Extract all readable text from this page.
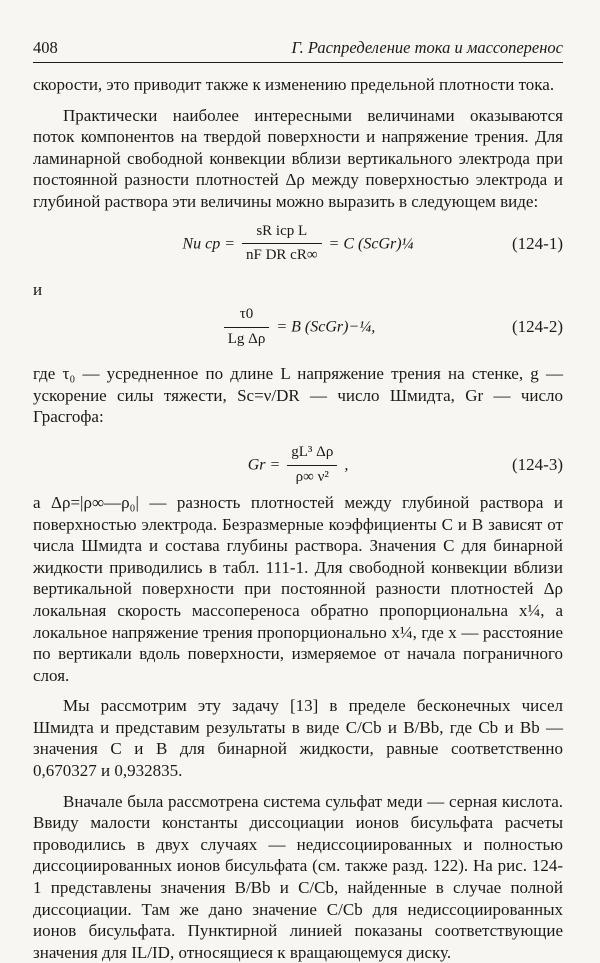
408	Г. Распределение тока и массоперенос

скорости, это приводит также к изменению предельной плотности тока.

Практически наиболее интересными величинами оказываются поток компонентов на твердой поверхности и напряжение трения. Для ламинарной свободной конвекции вблизи вертикального электрода при постоянной разности плотностей Δρ между поверхностью электрода и глубиной раствора эти величины можно выразить в следующем виде:

Nu cp = $\frac{\text{sR icp L}}{\text{nF DR cR∞}} = C$ (ScGr)¼	(124-1)

и

$\frac{\tau 0}{\text{Lg Δρ}} = B$ (ScGr)−¼,	(124-2)

где τ₀ — усредненное по длине L напряжение трения на стенке, g — ускорение силы тяжести, Sc=ν/DR — число Шмидта, Gr — число Грасгофа:

$Gr = \frac{\text{gL³ Δρ}}{\text{ρ∞ ν²}}$ ,	(124-3)

а Δρ=|ρ∞—ρ₀| — разность плотностей между глубиной раствора и поверхностью электрода. Безразмерные коэффициенты C и B зависят от числа Шмидта и состава глубины раствора. Значения C для бинарной жидкости приводились в табл. 111-1. Для свободной конвекции вблизи вертикальной поверхности при постоянной разности плотностей Δρ локальная скорость массопереноса обратно пропорциональна x¼, а локальное напряжение трения пропорционально x¼, где x — расстояние по вертикали вдоль поверхности, измеряемое от начала пограничного слоя.

Мы рассмотрим эту задачу [13] в пределе бесконечных чисел Шмидта и представим результаты в виде C/Cb и B/Bb, где Cb и Bb — значения C и B для бинарной жидкости, равные соответственно 0,670327 и 0,932835.

Вначале была рассмотрена система сульфат меди — серная кислота. Ввиду малости константы диссоциации ионов бисульфата расчеты проводились в двух случаях — недиссоциированных и полностью диссоциированных ионов бисульфата (см. также разд. 122). На рис. 124-1 представлены значения B/Bb и C/Cb, найденные в случае полной диссоциации. Там же дано значение C/Cb для недиссоциированных ионов бисульфата. Пунктирной линией показаны соответствующие значения для IL/ID, относящиеся к вращающемуся диску.
